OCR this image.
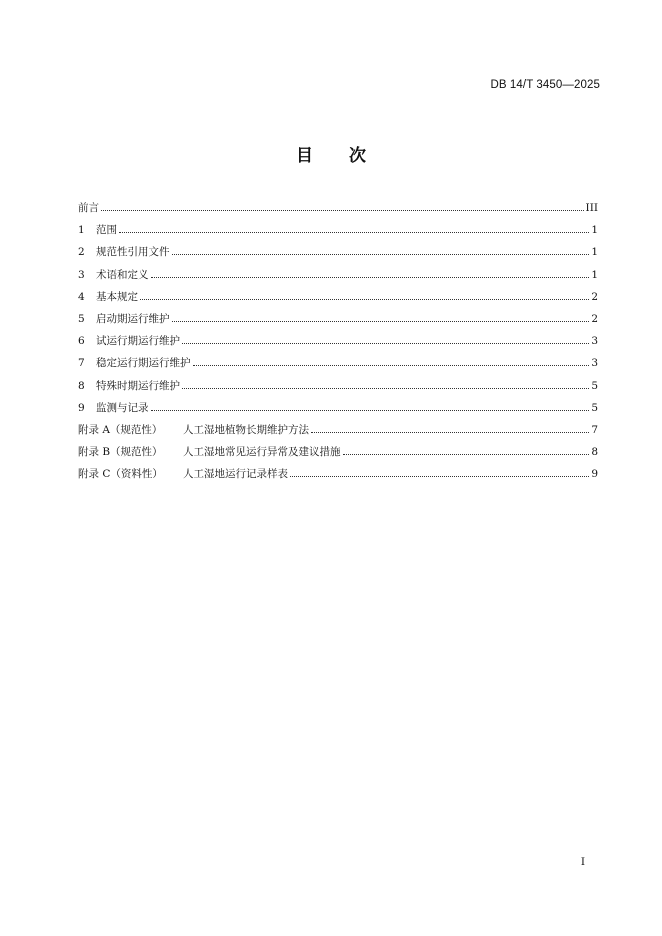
DB 14/T 3450—2025
目 次
前言	III
1	范围	1
2	规范性引用文件	1
3	术语和定义	1
4	基本规定	2
5	启动期运行维护	2
6	试运行期运行维护	3
7	稳定运行期运行维护	3
8	特殊时期运行维护	5
9	监测与记录	5
附录 A（规范性）	人工湿地植物长期维护方法	7
附录 B（规范性）	人工湿地常见运行异常及建议措施	8
附录 C（资料性）	人工湿地运行记录样表	9
I
